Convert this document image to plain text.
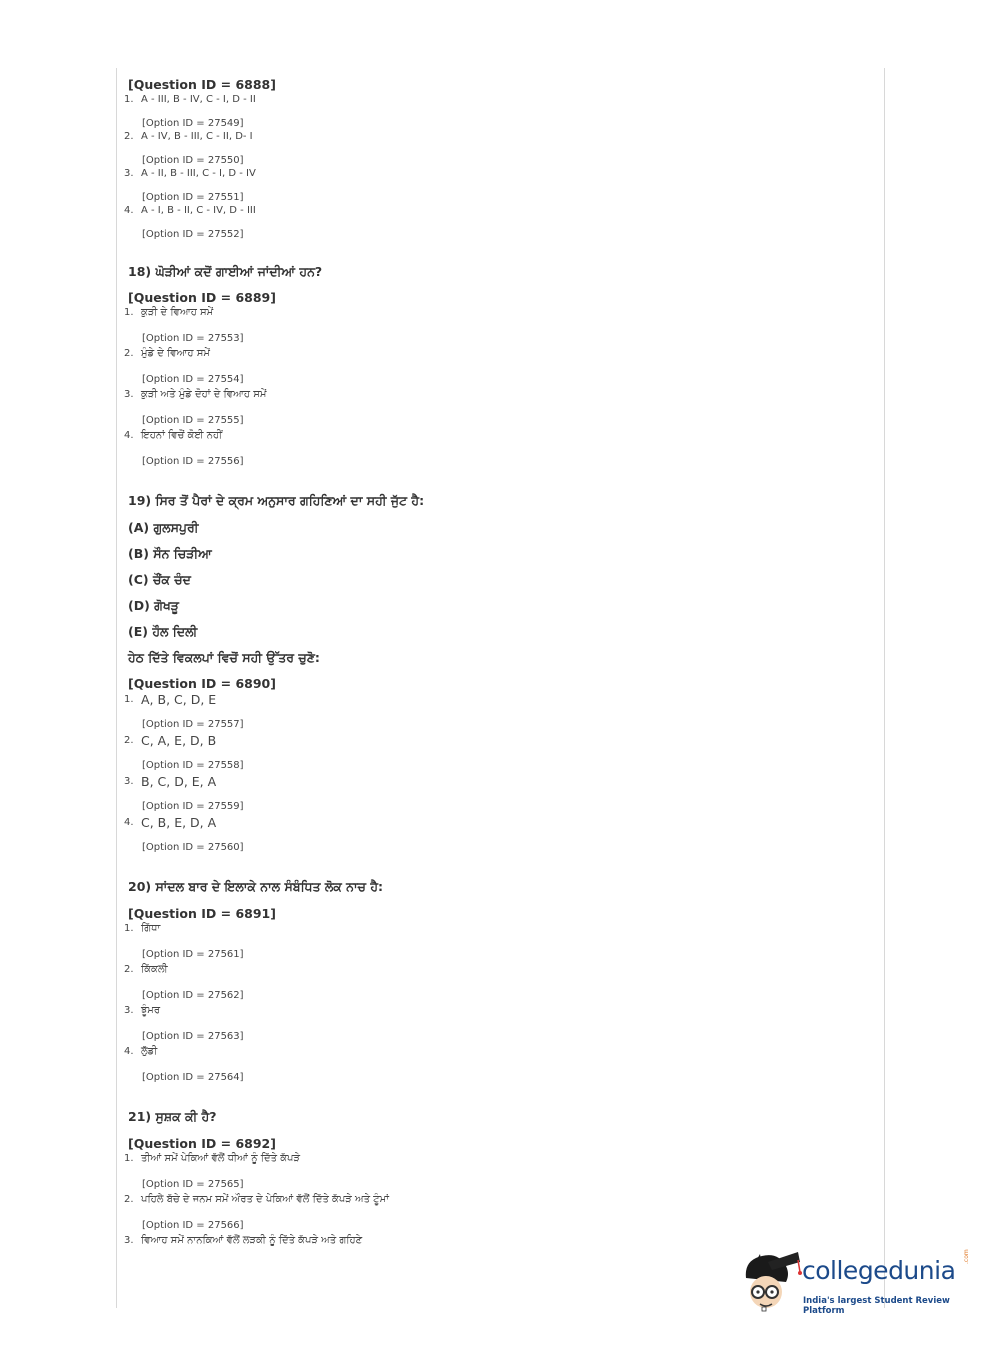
[Question ID = 6888]
1. A - III, B - IV, C - I, D - II
[Option ID = 27549]
2. A - IV, B - III, C - II, D- I
[Option ID = 27550]
3. A - II, B - III, C - I, D - IV
[Option ID = 27551]
4. A - I, B - II, C - IV, D - III
[Option ID = 27552]
18) ਘੋੜੀਆਂ ਕਦੋਂ ਗਾਈਆਂ ਜਾਂਦੀਆਂ ਹਨ?
[Question ID = 6889]
1. ਕੁੜੀ ਦੇ ਵਿਆਹ ਸਮੇਂ
[Option ID = 27553]
2. ਮੁੰਡੇ ਦੇ ਵਿਆਹ ਸਮੇਂ
[Option ID = 27554]
3. ਕੁੜੀ ਅਤੇ ਮੁੰਡੇ ਦੋਹਾਂ ਦੇ ਵਿਆਹ ਸਮੇਂ
[Option ID = 27555]
4. ਇਹਨਾਂ ਵਿਚੋਂ ਕੋਈ ਨਹੀਂ
[Option ID = 27556]
19) ਸਿਰ ਤੋਂ ਪੈਰਾਂ ਦੇ ਕ੍ਰਮ ਅਨੁਸਾਰ ਗਹਿਣਿਆਂ ਦਾ ਸਹੀ ਜੁੱਟ ਹੈ:
(A) ਗੁਲਸਪੁਰੀ
(B) ਸੌਨ ਚਿੜੀਆ
(C) ਚੌਂਕ ਚੰਦ
(D) ਗੋਖੜੂ
(E) ਹੌਲ ਦਿਲੀ
ਹੇਠ ਦਿੱਤੇ ਵਿਕਲਪਾਂ ਵਿਚੋਂ ਸਹੀ ਉੱਤਰ ਚੁਣੋ:
[Question ID = 6890]
1. A, B, C, D, E
[Option ID = 27557]
2. C, A, E, D, B
[Option ID = 27558]
3. B, C, D, E, A
[Option ID = 27559]
4. C, B, E, D, A
[Option ID = 27560]
20) ਸਾਂਦਲ ਬਾਰ ਦੇ ਇਲਾਕੇ ਨਾਲ ਸੰਬੰਧਿਤ ਲੋਕ ਨਾਚ ਹੈ:
[Question ID = 6891]
1. ਗਿੱਧਾ
[Option ID = 27561]
2. ਕਿੱਕਲੀ
[Option ID = 27562]
3. ਝੂੰਮਰ
[Option ID = 27563]
4. ਲੁੱਡੀ
[Option ID = 27564]
21) ਸੁਸ਼ਕ ਕੀ ਹੈ?
[Question ID = 6892]
1. ਤੀਆਂ ਸਮੇਂ ਪੇਕਿਆਂ ਵੱਲੋਂ ਧੀਆਂ ਨੂੰ ਦਿੱਤੇ ਕੱਪੜੇ
[Option ID = 27565]
2. ਪਹਿਲੇ ਬੱਚੇ ਦੇ ਜਨਮ ਸਮੇਂ ਔਰਤ ਦੇ ਪੇਕਿਆਂ ਵੱਲੋਂ ਦਿੱਤੇ ਕੱਪੜੇ ਅਤੇ ਟੂੰਮਾਂ
[Option ID = 27566]
3. ਵਿਆਹ ਸਮੇਂ ਨਾਨਕਿਆਂ ਵੱਲੋਂ ਲੜਕੀ ਨੂੰ ਦਿੱਤੇ ਕੱਪੜੇ ਅਤੇ ਗਹਿਣੇ
collegedunia .com
India's largest Student Review Platform
